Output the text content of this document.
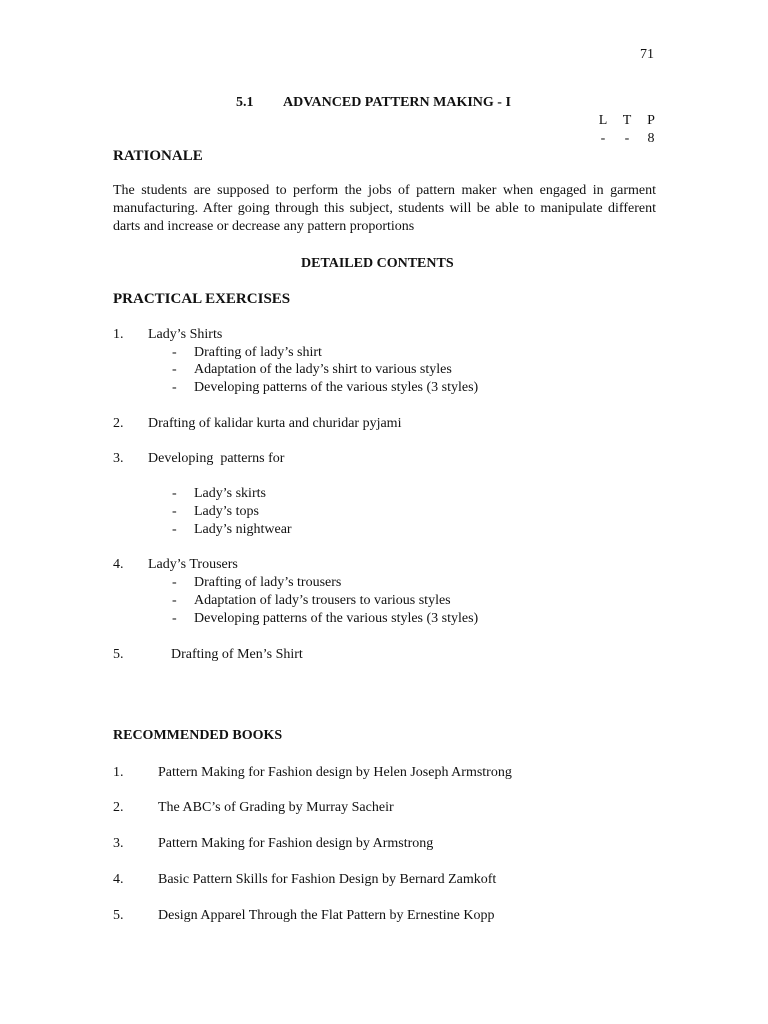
71
5.1 ADVANCED PATTERN MAKING - I
L	T	P
-	-	8
RATIONALE
The students are supposed to perform the jobs of pattern maker when engaged in garment manufacturing. After going through this subject, students will be able to manipulate different darts and increase or decrease any pattern proportions
DETAILED CONTENTS
PRACTICAL EXERCISES
1. Lady’s Shirts
- Drafting of lady’s shirt
- Adaptation of the lady’s shirt to various styles
- Developing patterns of the various styles (3 styles)
2. Drafting of kalidar kurta and churidar pyjami
3. Developing  patterns for
- Lady’s skirts
- Lady’s tops
- Lady’s nightwear
4. Lady’s Trousers
- Drafting of lady’s trousers
- Adaptation of lady’s trousers to various styles
- Developing patterns of the various styles (3 styles)
5.	Drafting of Men’s Shirt
RECOMMENDED BOOKS
1. Pattern Making for Fashion design by Helen Joseph Armstrong
2. The ABC’s of Grading by Murray Sacheir
3. Pattern Making for Fashion design by Armstrong
4. Basic Pattern Skills for Fashion Design by Bernard Zamkoft
5. Design Apparel Through the Flat Pattern by Ernestine Kopp
